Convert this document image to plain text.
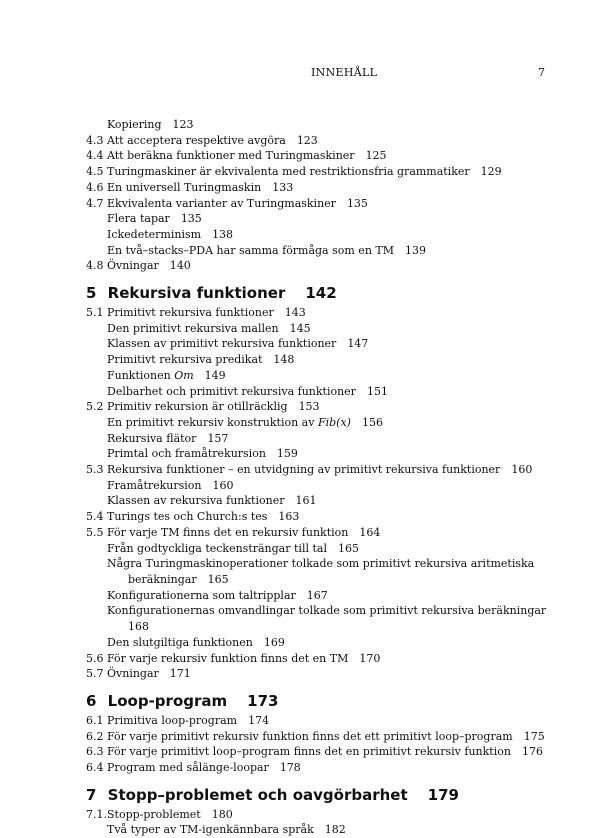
INNEHÅLL	7
Kopiering 123
4.3 Att acceptera respektive avgöra 123
4.4 Att beräkna funktioner med Turingmaskiner 125
4.5 Turingmaskiner är ekvivalenta med restriktionsfria grammatiker 129
4.6 En universell Turingmaskin 133
4.7 Ekvivalenta varianter av Turingmaskiner 135
Flera tapar 135
Ickedeterminism 138
En två–stacks–PDA har samma förmåga som en TM 139
4.8 Övningar 140
5 Rekursiva funktioner 142
5.1 Primitivt rekursiva funktioner 143
Den primitivt rekursiva mallen 145
Klassen av primitivt rekursiva funktioner 147
Primitivt rekursiva predikat 148
Funktionen Om 149
Delbarhet och primitivt rekursiva funktioner 151
5.2 Primitiv rekursion är otillräcklig 153
En primitivt rekursiv konstruktion av Fib(x) 156
Rekursiva flätor 157
Primtal och framåtrekursion 159
5.3 Rekursiva funktioner – en utvidgning av primitivt rekursiva funktioner 160
Framåtrekursion 160
Klassen av rekursiva funktioner 161
5.4 Turings tes och Church:s tes 163
5.5 För varje TM finns det en rekursiv funktion 164
Från godtyckliga teckensträngar till tal 165
Några Turingmaskinoperationer tolkade som primitivt rekursiva aritmetiska
beräkningar 165
Konfigurationerna som taltripplar 167
Konfigurationernas omvandlingar tolkade som primitivt rekursiva beräkningar
168
Den slutgiltiga funktionen 169
5.6 För varje rekursiv funktion finns det en TM 170
5.7 Övningar 171
6 Loop-program 173
6.1 Primitiva loop-program 174
6.2 För varje primitivt rekursiv funktion finns det ett primitivt loop–program 175
6.3 För varje primitivt loop–program finns det en primitivt rekursiv funktion 176
6.4 Program med sålänge-loopar 178
7 Stopp–problemet och oavgörbarhet 179
7.1.Stopp-problemet 180
Två typer av TM-igenkännbara språk 182
